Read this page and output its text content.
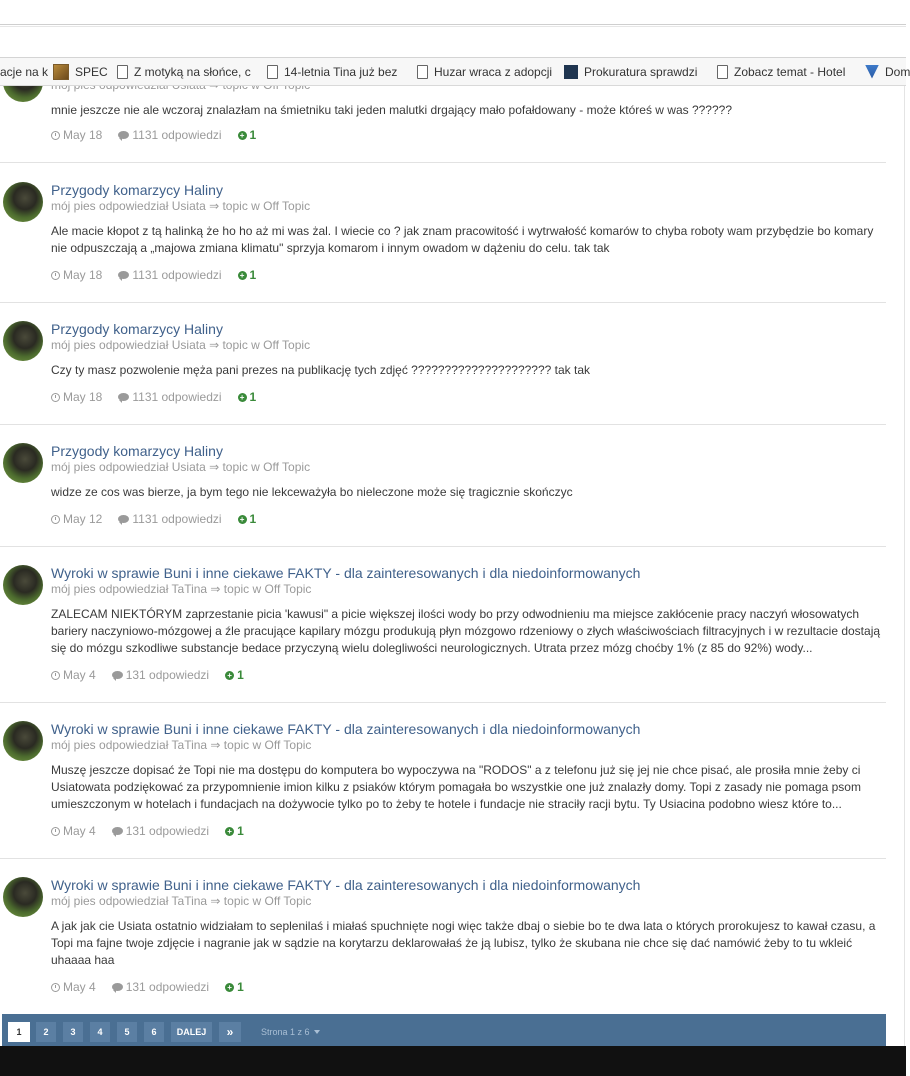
mnie jeszcze nie ale wczoraj znalazłam na śmietniku taki jeden malutki drgający mało pofałdowany - może któreś w was ??????
May 18	1131 odpowiedzi + 1
Przygody komarzycy Haliny
mój pies odpowiedział Usiata ⇒ topic w Off Topic
Ale macie kłopot z tą halinką że ho ho aż mi was żal. I wiecie co ? jak znam pracowitość i wytrwałość komarów to chyba roboty wam przybędzie bo komary nie odpuszczają a „majowa zmiana klimatu" sprzyja komarom i innym owadom w dążeniu do celu. tak tak
May 18	1131 odpowiedzi + 1
Przygody komarzycy Haliny
mój pies odpowiedział Usiata ⇒ topic w Off Topic
Czy ty masz pozwolenie męża pani prezes na publikację tych zdjęć ????????????????????? tak tak
May 18	1131 odpowiedzi + 1
Przygody komarzycy Haliny
mój pies odpowiedział Usiata ⇒ topic w Off Topic
widze ze cos was bierze, ja bym tego nie lekceważyła bo nieleczone może się tragicznie skończyc
May 12	1131 odpowiedzi + 1
Wyroki w sprawie Buni i inne ciekawe FAKTY - dla zainteresowanych i dla niedoinformowanych
mój pies odpowiedział TaTina ⇒ topic w Off Topic
ZALECAM NIEKTÓRYM zaprzestanie picia 'kawusi" a picie większej ilości wody bo przy odwodnieniu ma miejsce zakłócenie pracy naczyń włosowatych bariery naczyniowo-mózgowej a źle pracujące kapilary mózgu produkują płyn mózgowo rdzeniowy o złych właściwościach filtracyjnych i w rezultacie dostają się do mózgu szkodliwe substancje bedace przyczyną wielu dolegliwości neurologicznych. Utrata przez mózg choćby 1% (z 85 do 92%) wody...
May 4	131 odpowiedzi + 1
Wyroki w sprawie Buni i inne ciekawe FAKTY - dla zainteresowanych i dla niedoinformowanych
mój pies odpowiedział TaTina ⇒ topic w Off Topic
Muszę jeszcze dopisać że Topi nie ma dostępu do komputera bo wypoczywa na "RODOS" a z telefonu już się jej nie chce pisać, ale prosiła mnie żeby ci Usiatowata podziękować za przypomnienie imion kilku z psiaków którym pomagała bo wszystkie one już znalazły domy. Topi z zasady nie pomaga psom umieszczonym w hotelach i fundacjach na dożywocie tylko po to żeby te hotele i fundacje nie straciły racji bytu. Ty Usiacina podobno wiesz które to...
May 4	131 odpowiedzi + 1
Wyroki w sprawie Buni i inne ciekawe FAKTY - dla zainteresowanych i dla niedoinformowanych
mój pies odpowiedział TaTina ⇒ topic w Off Topic
A jak jak cie Usiata ostatnio widziałam to seplenilaś i miałaś spuchnięte nogi więc także dbaj o siebie bo te dwa lata o których prorokujesz to kawał czasu, a Topi ma fajne twoje zdjęcie i nagranie jak w sądzie na korytarzu deklarowałaś że ją lubisz, tylko że skubana nie chce się dać namówić żeby to tu wkleić uhaaaa haa
May 4	131 odpowiedzi + 1
acje na k SPEC Z motyką na słońce, c	14-letnia Tina już bez	Huzar wraca z adopcji	Prokuratura sprawdzi	Zobacz temat - Hotel	Dom
1	2	3	4	5	6	DALEJ	»	Strona 1 z 6
